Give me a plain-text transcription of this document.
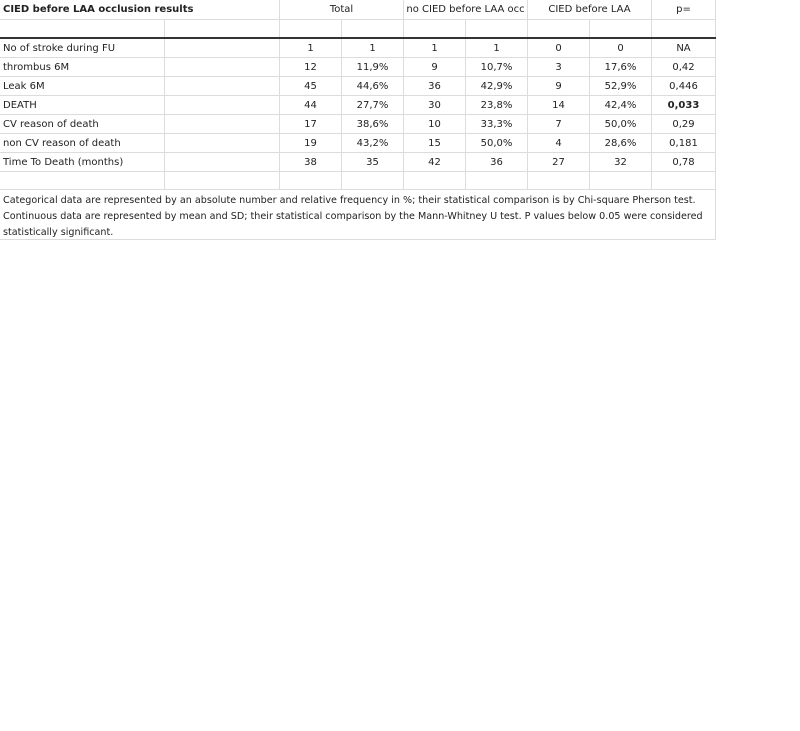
CIED before LAA occlusion results	Total	no CIED before LAA occ	CIED before LAA	p=
No of stroke during FU	1	1	1	1	0	0	NA
thrombus 6M	12	11,9%	9	10,7%	3	17,6%	0,42
Leak 6M	45	44,6%	36	42,9%	9	52,9%	0,446
DEATH	44	27,7%	30	23,8%	14	42,4%	0,033
CV reason of death	17	38,6%	10	33,3%	7	50,0%	0,29
non CV reason of death	19	43,2%	15	50,0%	4	28,6%	0,181
Time To Death (months)	38	35	42	36	27	32	0,78
Categorical data are represented by an absolute number and relative frequency in %; their statistical comparison is by Chi-square Pherson test.
Continuous data are represented by mean and SD; their statistical comparison by the Mann-Whitney U test. P values below 0.05 were considered
statistically significant.
